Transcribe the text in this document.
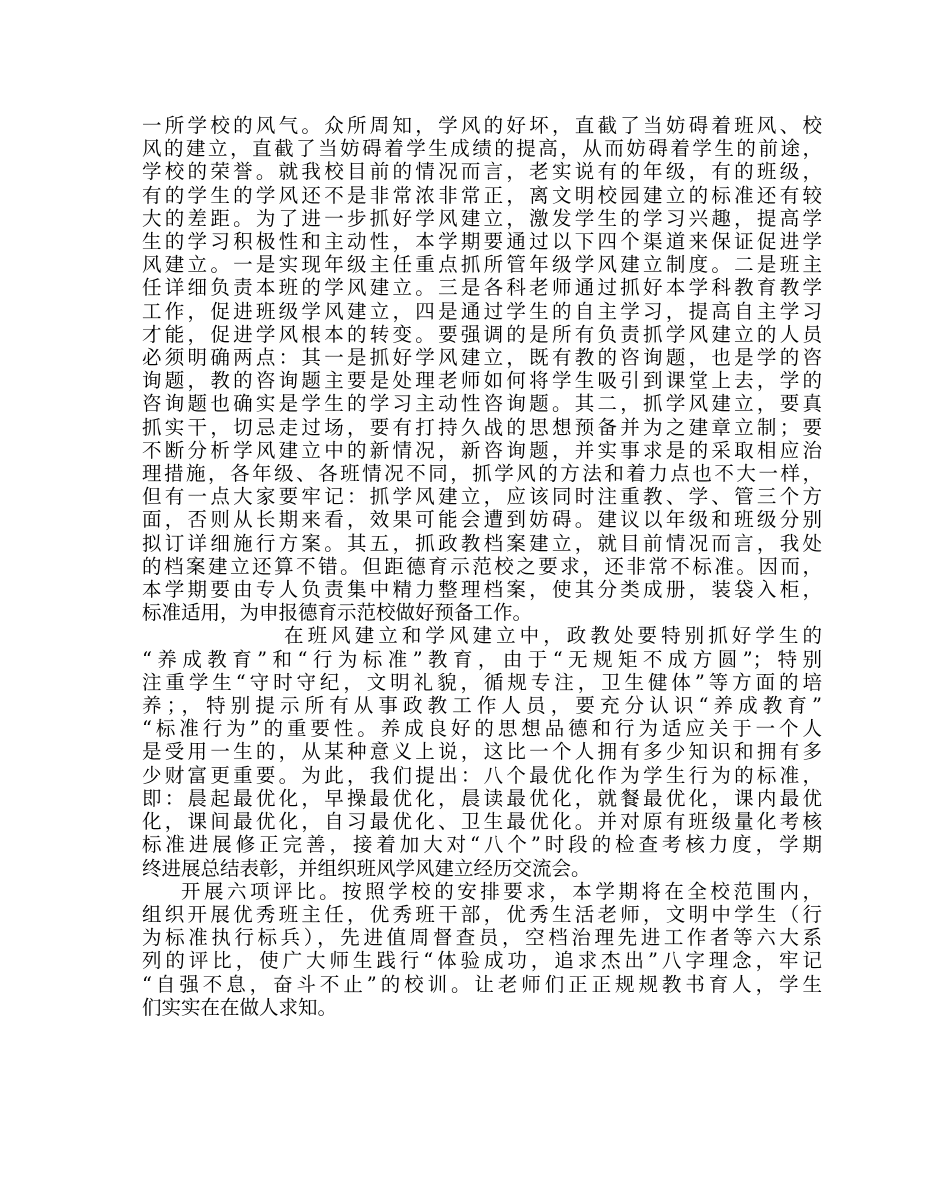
一所学校的风气。众所周知，学风的好坏，直截了当妨碍着班风、校
风的建立，直截了当妨碍着学生成绩的提高，从而妨碍着学生的前途，
学校的荣誉。就我校目前的情况而言，老实说有的年级，有的班级，
有的学生的学风还不是非常浓非常正，离文明校园建立的标准还有较
大的差距。为了进一步抓好学风建立，激发学生的学习兴趣，提高学
生的学习积极性和主动性，本学期要通过以下四个渠道来保证促进学
风建立。一是实现年级主任重点抓所管年级学风建立制度。二是班主
任详细负责本班的学风建立。三是各科老师通过抓好本学科教育教学
工作，促进班级学风建立，四是通过学生的自主学习，提高自主学习
才能，促进学风根本的转变。要强调的是所有负责抓学风建立的人员
必须明确两点：其一是抓好学风建立，既有教的咨询题，也是学的咨
询题，教的咨询题主要是处理老师如何将学生吸引到课堂上去，学的
咨询题也确实是学生的学习主动性咨询题。其二，抓学风建立，要真
抓实干，切忌走过场，要有打持久战的思想预备并为之建章立制；要
不断分析学风建立中的新情况，新咨询题，并实事求是的采取相应治
理措施，各年级、各班情况不同，抓学风的方法和着力点也不大一样，
但有一点大家要牢记：抓学风建立，应该同时注重教、学、管三个方
面，否则从长期来看，效果可能会遭到妨碍。建议以年级和班级分别
拟订详细施行方案。其五，抓政教档案建立，就目前情况而言，我处
的档案建立还算不错。但距德育示范校之要求，还非常不标准。因而，
本学期要由专人负责集中精力整理档案，使其分类成册，装袋入柜，
标准适用，为申报德育示范校做好预备工作。
在班风建立和学风建立中，政教处要特别抓好学生的
“养成教育”和“行为标准”教育，由于“无规矩不成方圆”；特别
注重学生“守时守纪，文明礼貌，循规专注，卫生健体”等方面的培
养；，特别提示所有从事政教工作人员，要充分认识“养成教育”
“标准行为”的重要性。养成良好的思想品德和行为适应关于一个人
是受用一生的，从某种意义上说，这比一个人拥有多少知识和拥有多
少财富更重要。为此，我们提出：八个最优化作为学生行为的标准，
即：晨起最优化，早操最优化，晨读最优化，就餐最优化，课内最优
化，课间最优化，自习最优化、卫生最优化。并对原有班级量化考核
标准进展修正完善，接着加大对“八个”时段的检查考核力度，学期
终进展总结表彰，并组织班风学风建立经历交流会。
开展六项评比。按照学校的安排要求，本学期将在全校范围内，
组织开展优秀班主任，优秀班干部，优秀生活老师，文明中学生（行
为标准执行标兵），先进值周督查员，空档治理先进工作者等六大系
列的评比，使广大师生践行“体验成功，追求杰出”八字理念，牢记
“自强不息，奋斗不止”的校训。让老师们正正规规教书育人，学生
们实实在在做人求知。
